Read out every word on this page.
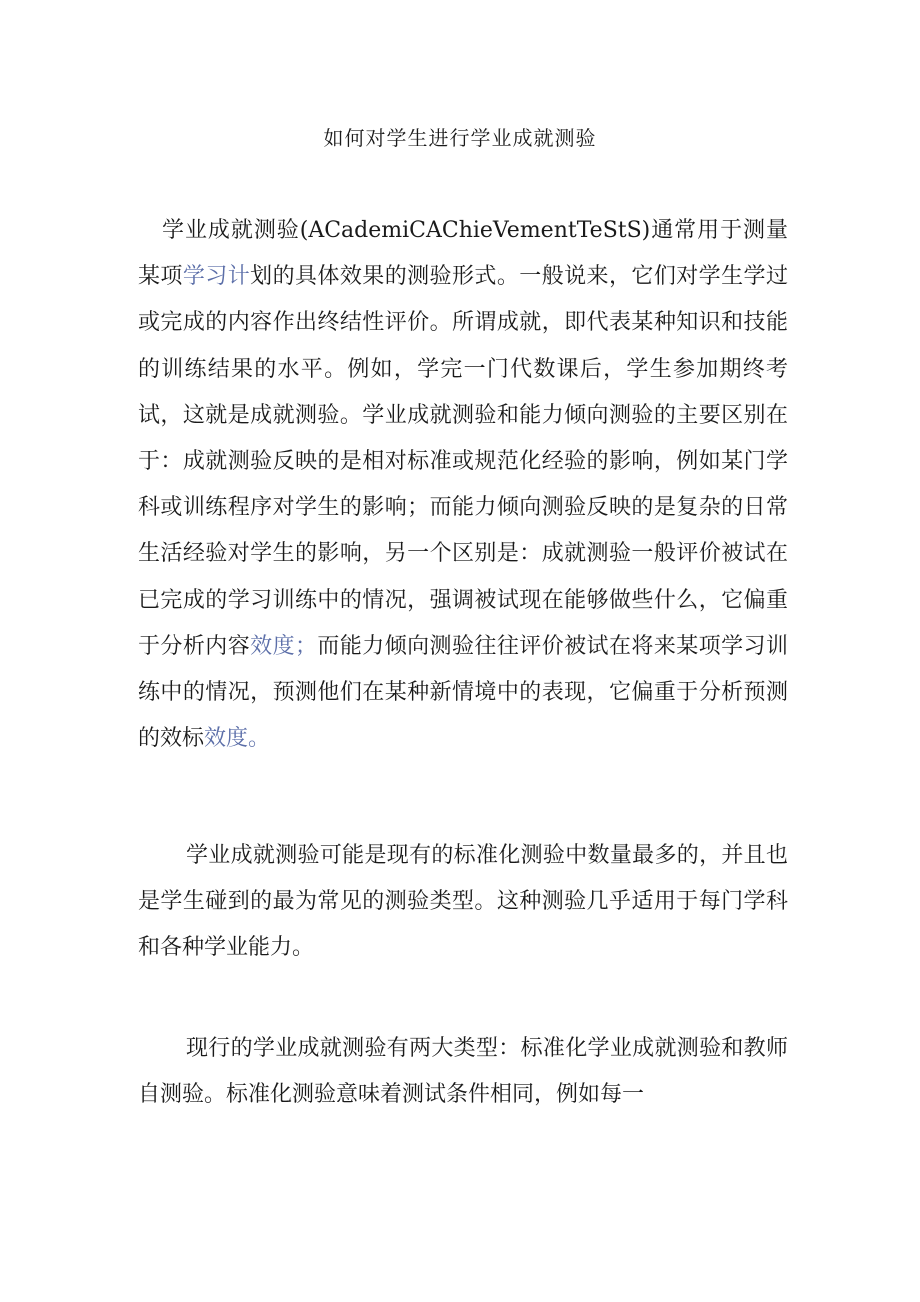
如何对学生进行学业成就测验
学业成就测验(ACademiCAChieVementTeStS)通常用于测量某项学习计划的具体效果的测验形式。一般说来，它们对学生学过或完成的内容作出终结性评价。所谓成就，即代表某种知识和技能的训练结果的水平。例如，学完一门代数课后，学生参加期终考试，这就是成就测验。学业成就测验和能力倾向测验的主要区别在于：成就测验反映的是相对标准或规范化经验的影响，例如某门学科或训练程序对学生的影响；而能力倾向测验反映的是复杂的日常生活经验对学生的影响，另一个区别是：成就测验一般评价被试在已完成的学习训练中的情况，强调被试现在能够做些什么，它偏重于分析内容效度；而能力倾向测验往往评价被试在将来某项学习训练中的情况，预测他们在某种新情境中的表现，它偏重于分析预测的效标效度。
学业成就测验可能是现有的标准化测验中数量最多的，并且也是学生碰到的最为常见的测验类型。这种测验几乎适用于每门学科和各种学业能力。
现行的学业成就测验有两大类型：标准化学业成就测验和教师自测验。标准化测验意味着测试条件相同，例如每一
